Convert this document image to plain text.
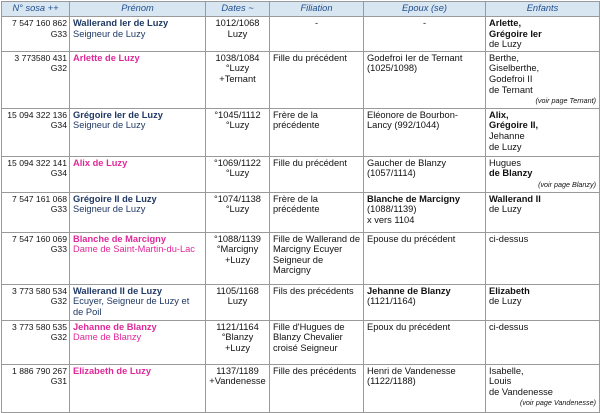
N° sosa ++	Prénom	Dates ~	Filiation	Epoux (se)	Enfants

7 547 160 862
G33	Wallerand Ier de Luzy
Seigneur de Luzy	1012/1068
Luzy	-	-	Arlette,
Grégoire Ier
de Luzy

3 773580 431
G32	Arlette de Luzy	1038/1084
°Luzy
+Ternant	Fille du précédent	Godefroi Ier de Ternant
(1025/1098)	Berthe,
Giselberthe,
Godefroi II
de Ternant
(voir page Ternant)

15 094 322 136
G34	Grégoire Ier de Luzy
Seigneur de Luzy	°1045/1112
°Luzy	Frère de la précédente	Eléonore de Bourbon-Lancy (992/1044)	Alix,
Grégoire II,
Jehanne
de Luzy

15 094 322 141
G34	Alix de Luzy	°1069/1122
°Luzy	Fille du précédent	Gaucher de Blanzy
(1057/1114)	Hugues
de Blanzy
(voir page Blanzy)

7 547 161 068
G33	Grégoire II de Luzy
Seigneur de Luzy	°1074/1138
°Luzy	Frère de la précédente	Blanche de Marcigny
(1088/1139)
x vers 1104	Wallerand II
de Luzy

7 547 160 069
G33	Blanche de Marcigny
Dame de Saint-Martin-du-Lac	°1088/1139
°Marcigny
+Luzy	Fille de Wallerand de Marcigny Ecuyer Seigneur de Marcigny	Epouse du précédent	ci-dessus

3 773 580 534
G32	Wallerand II de Luzy
Ecuyer, Seigneur de Luzy et de Poil	1105/1168
Luzy	Fils des précédents	Jehanne de Blanzy
(1121/1164)	Elizabeth
de Luzy

3 773 580 535
G32	Jehanne de Blanzy
Dame de Blanzy	1121/1164
°Blanzy
+Luzy	Fille d'Hugues de Blanzy Chevalier croisé Seigneur	Epoux du précédent	ci-dessus

1 886 790 267
G31	Elizabeth de Luzy	1137/1189
+Vandenesse	Fille des précédents	Henri de Vandenesse
(1122/1188)	Isabelle,
Louis
de Vandenesse
(voir page Vandenesse)
